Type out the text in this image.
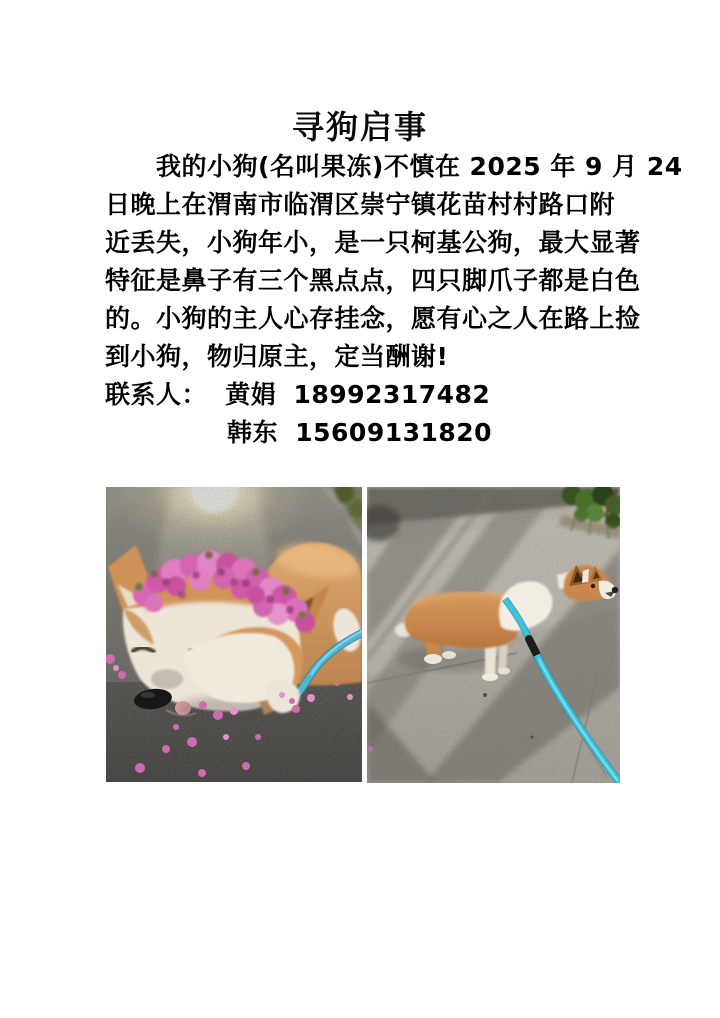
寻狗启事
我的小狗(名叫果冻)不慎在 2025 年 9 月 24
日晚上在渭南市临渭区崇宁镇花苗村村路口附
近丢失，小狗年小，是一只柯基公狗，最大显著
特征是鼻子有三个黑点点，四只脚爪子都是白色
的。小狗的主人心存挂念，愿有心之人在路上捡
到小狗，物归原主，定当酬谢!
联系人： 黄娟 18992317482
韩东 15609131820
